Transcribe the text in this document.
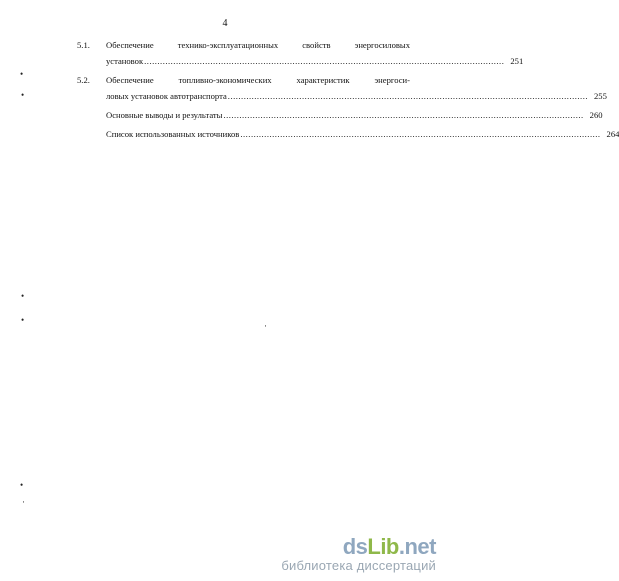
4
5.1.	Обеспечение технико-эксплуатационных свойств энергосиловых
установок ........................................................................................................................................ 251
5.2.	Обеспечение топливно-экономических характеристик энергоси-
ловых установок автотранспорта ........................................................................................................................................ 255
Основные выводы и результаты ........................................................................................................................................ 260
Список использованных источников ........................................................................................................................................ 264
•
•
•
•
•
·
·
dsLib.net
библиотека диссертаций
